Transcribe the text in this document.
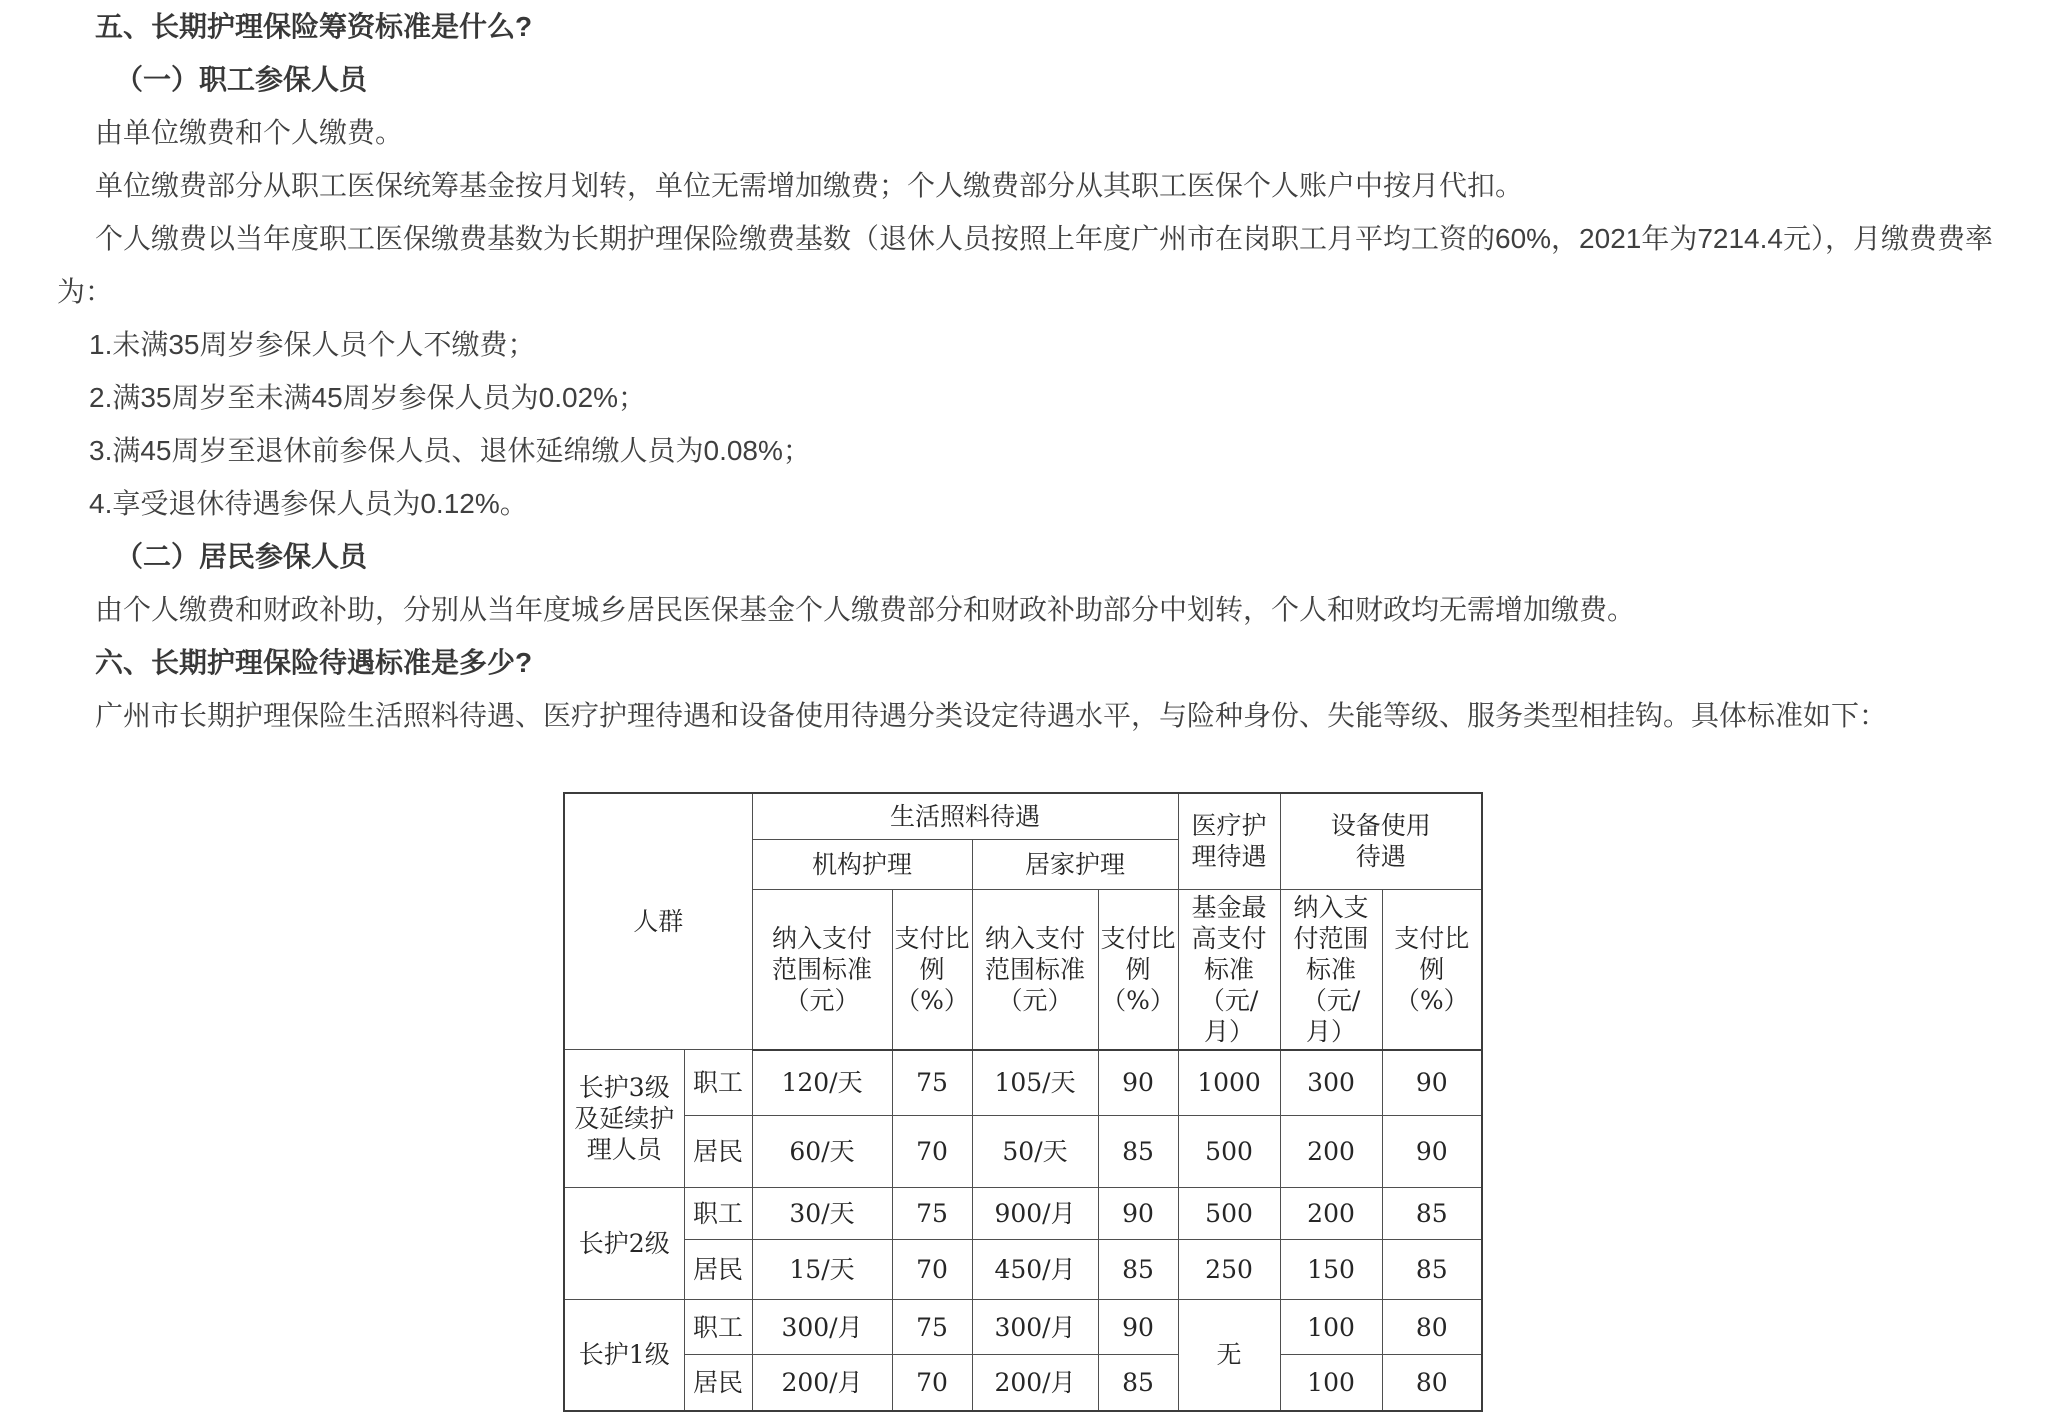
五、长期护理保险筹资标准是什么?

（一）职工参保人员

由单位缴费和个人缴费。

单位缴费部分从职工医保统筹基金按月划转，单位无需增加缴费；个人缴费部分从其职工医保个人账户中按月代扣。

个人缴费以当年度职工医保缴费基数为长期护理保险缴费基数（退休人员按照上年度广州市在岗职工月平均工资的60%，2021年为7214.4元），月缴费费率为：

1.未满35周岁参保人员个人不缴费；

2.满35周岁至未满45周岁参保人员为0.02%；

3.满45周岁至退休前参保人员、退休延绵缴人员为0.08%；

4.享受退休待遇参保人员为0.12%。

（二）居民参保人员

由个人缴费和财政补助，分别从当年度城乡居民医保基金个人缴费部分和财政补助部分中划转，个人和财政均无需增加缴费。

六、长期护理保险待遇标准是多少?

广州市长期护理保险生活照料待遇、医疗护理待遇和设备使用待遇分类设定待遇水平，与险种身份、失能等级、服务类型相挂钩。具体标准如下：

人群		生活照料待遇				医疗护理待遇	设备使用待遇	

		机构护理		居家护理				

		纳入支付范围标准（元）	支付比例（%）	纳入支付范围标准（元）	支付比例（%）	基金最高支付标准（元/月）	纳入支付范围标准（元/月）	支付比例（%）

长护3级及延续护理人员	职工	120/天	75	105/天	90	1000	300	90
	居民	60/天	70	50/天	85	500	200	90
长护2级	职工	30/天	75	900/月	90	500	200	85
	居民	15/天	70	450/月	85	250	150	85
长护1级	职工	300/月	75	300/月	90	无	100	80
	居民	200/月	70	200/月	85		100	80
